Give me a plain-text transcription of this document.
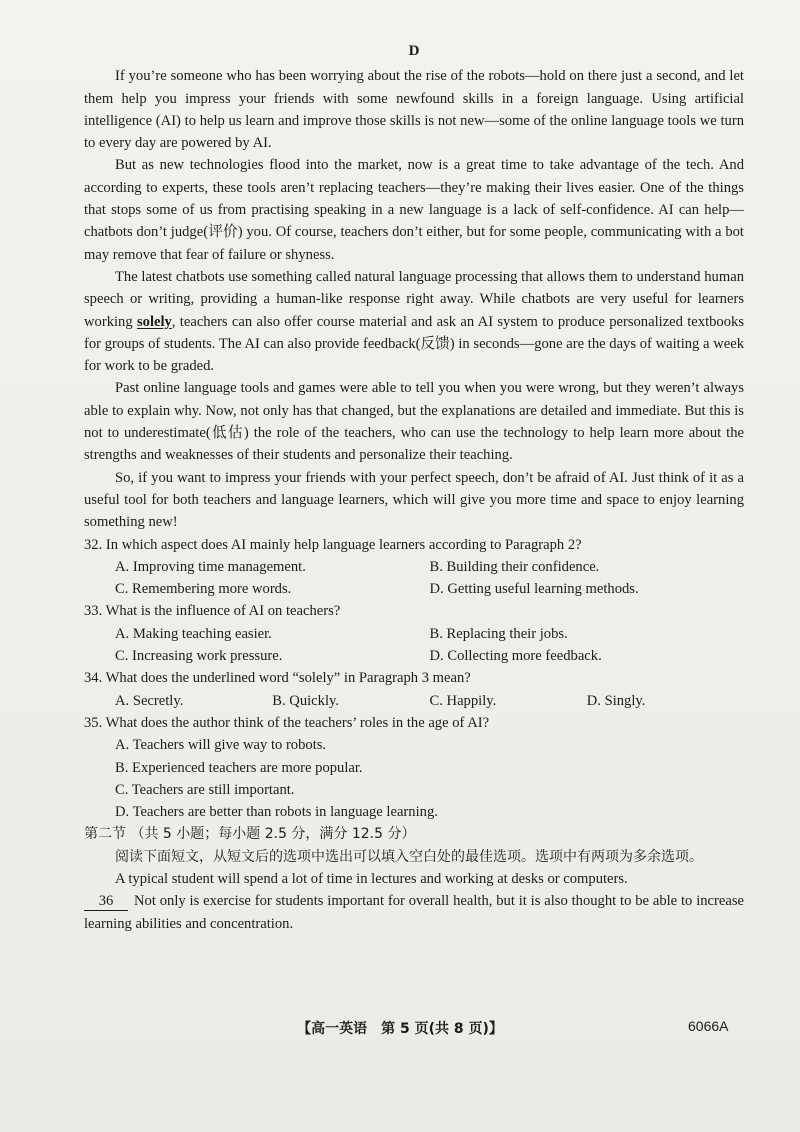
D

If you’re someone who has been worrying about the rise of the robots—hold on there just a second, and let them help you impress your friends with some newfound skills in a foreign language. Using artificial intelligence (AI) to help us learn and improve those skills is not new—some of the online language tools we turn to every day are powered by AI.

But as new technologies flood into the market, now is a great time to take advantage of the tech. And according to experts, these tools aren’t replacing teachers—they’re making their lives easier. One of the things that stops some of us from practising speaking in a new language is a lack of self-confidence. AI can help—chatbots don’t judge(评价) you. Of course, teachers don’t either, but for some people, communicating with a bot may remove that fear of failure or shyness.

The latest chatbots use something called natural language processing that allows them to understand human speech or writing, providing a human-like response right away. While chatbots are very useful for learners working solely, teachers can also offer course material and ask an AI system to produce personalized textbooks for groups of students. The AI can also provide feedback(反馈) in seconds—gone are the days of waiting a week for work to be graded.

Past online language tools and games were able to tell you when you were wrong, but they weren’t always able to explain why. Now, not only has that changed, but the explanations are detailed and immediate. But this is not to underestimate(低估) the role of the teachers, who can use the technology to help learn more about the strengths and weaknesses of their students and personalize their teaching.

So, if you want to impress your friends with your perfect speech, don’t be afraid of AI. Just think of it as a useful tool for both teachers and language learners, which will give you more time and space to enjoy learning something new!

32. In which aspect does AI mainly help language learners according to Paragraph 2?
A. Improving time management.	B. Building their confidence.
C. Remembering more words.	D. Getting useful learning methods.
33. What is the influence of AI on teachers?
A. Making teaching easier.	B. Replacing their jobs.
C. Increasing work pressure.	D. Collecting more feedback.
34. What does the underlined word “solely” in Paragraph 3 mean?
A. Secretly.	B. Quickly.	C. Happily.	D. Singly.
35. What does the author think of the teachers’ roles in the age of AI?
A. Teachers will give way to robots.
B. Experienced teachers are more popular.
C. Teachers are still important.
D. Teachers are better than robots in language learning.
第二节 （共 5 小题；每小题 2.5 分，满分 12.5 分）
阅读下面短文，从短文后的选项中选出可以填入空白处的最佳选项。选项中有两项为多余选项。

A typical student will spend a lot of time in lectures and working at desks or computers.

36 Not only is exercise for students important for overall health, but it is also thought to be able to increase learning abilities and concentration.

【高一英语　第 5 页(共 8 页)】	6066A
